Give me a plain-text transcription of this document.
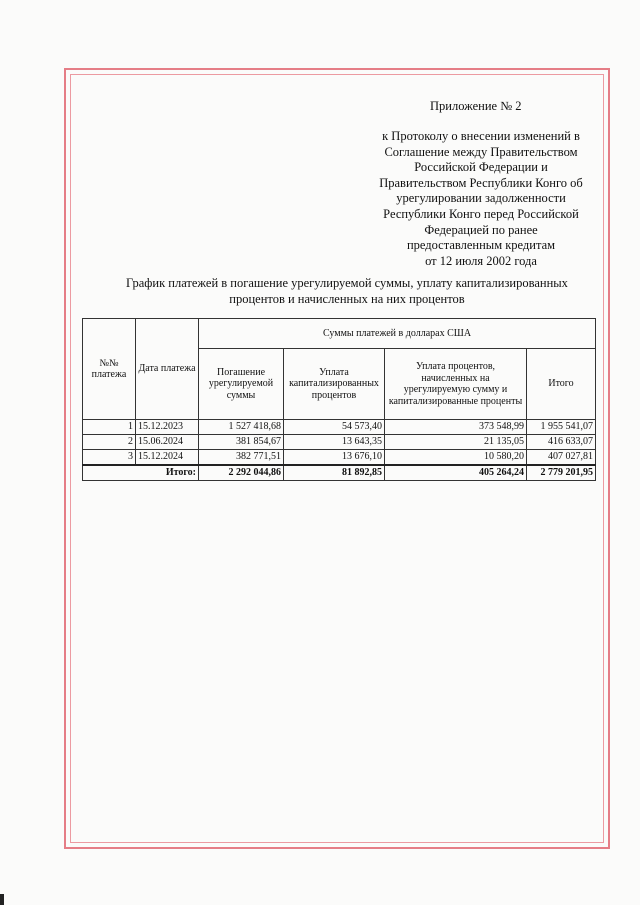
Приложение № 2
к Протоколу о внесении изменений в
Соглашение между Правительством
Российской Федерации и
Правительством Республики Конго об
урегулировании задолженности
Республики Конго перед Российской
Федерацией по ранее
предоставленным кредитам
от 12 июля 2002 года
График платежей в погашение урегулируемой суммы, уплату капитализированных
процентов и начисленных на них процентов
№№ платежа	Дата платежа	Суммы платежей в долларах США			
		Погашение урегулируемой суммы	Уплата капитализированных процентов	Уплата процентов, начисленных на урегулируемую сумму и капитализированные проценты	Итого
1	15.12.2023	1 527 418,68	54 573,40	373 548,99	1 955 541,07
2	15.06.2024	381 854,67	13 643,35	21 135,05	416 633,07
3	15.12.2024	382 771,51	13 676,10	10 580,20	407 027,81
Итого:		2 292 044,86	81 892,85	405 264,24	2 779 201,95
